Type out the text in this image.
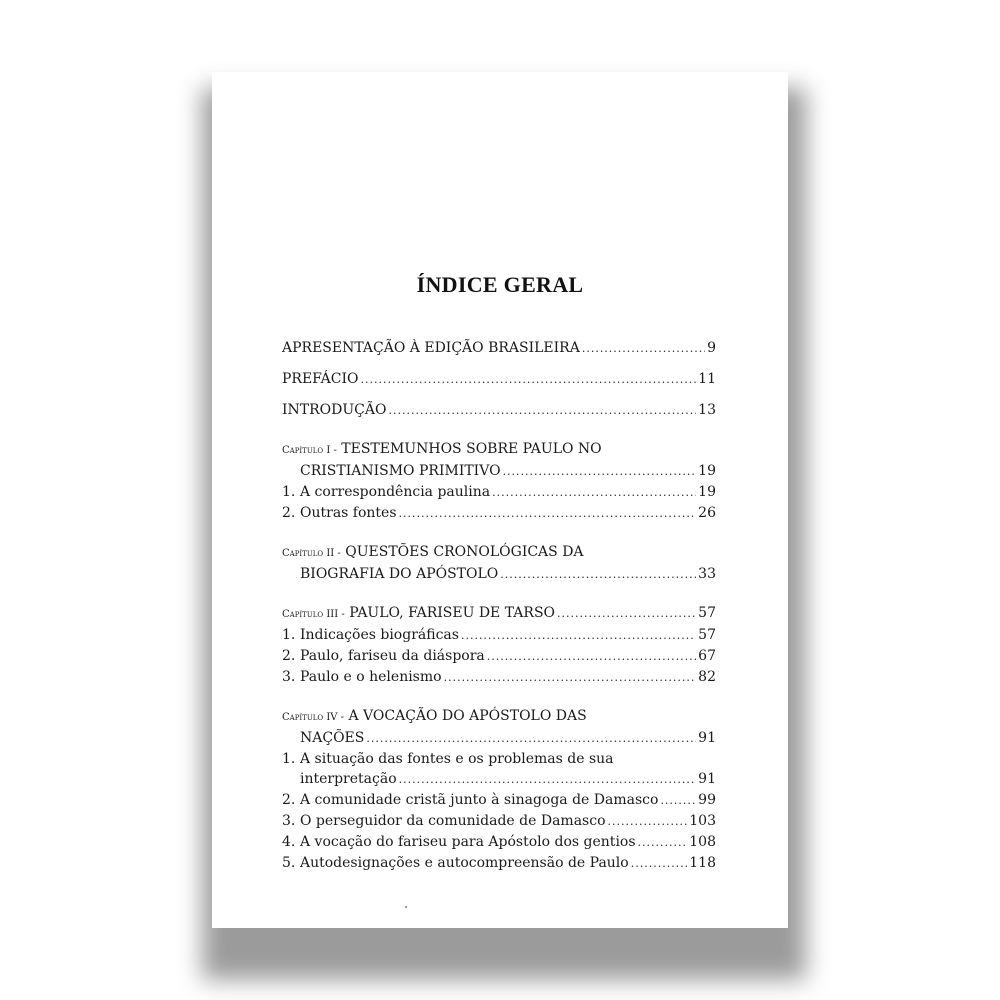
ÍNDICE GERAL
APRESENTAÇÃO À EDIÇÃO BRASILEIRA .....	9
PREFÁCIO .....	11
INTRODUÇÃO .....	13
Capítulo I - TESTEMUNHOS SOBRE PAULO NO
CRISTIANISMO PRIMITIVO .....	19
1. A correspondência paulina .....	19
2. Outras fontes .....	26
Capítulo II - QUESTÕES CRONOLÓGICAS DA
BIOGRAFIA DO APÓSTOLO .....	33
Capítulo III - PAULO, FARISEU DE TARSO .....	57
1. Indicações biográficas .....	57
2. Paulo, fariseu da diáspora .....	67
3. Paulo e o helenismo .....	82
Capítulo IV - A VOCAÇÃO DO APÓSTOLO DAS
NAÇÕES .....	91
1. A situação das fontes e os problemas de sua
interpretação .....	91
2. A comunidade cristã junto à sinagoga de Damasco .....	99
3. O perseguidor da comunidade de Damasco .....	103
4. A vocação do fariseu para Apóstolo dos gentios .....	108
5. Autodesignações e autocompreensão de Paulo .....	118
